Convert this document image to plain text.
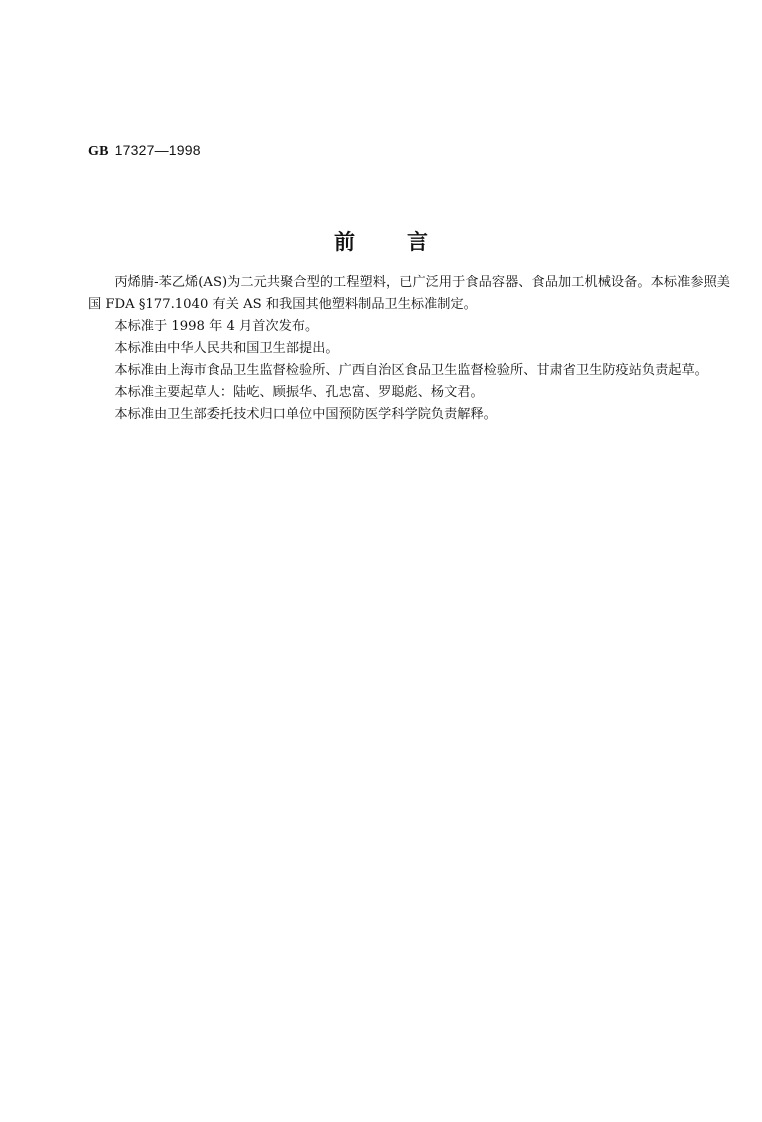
GB 17327—1998
前言

丙烯腈-苯乙烯(AS)为二元共聚合型的工程塑料，已广泛用于食品容器、食品加工机械设备。本标准参照美国 FDA §177.1040 有关 AS 和我国其他塑料制品卫生标准制定。

本标准于 1998 年 4 月首次发布。

本标准由中华人民共和国卫生部提出。

本标准由上海市食品卫生监督检验所、广西自治区食品卫生监督检验所、甘肃省卫生防疫站负责起草。

本标准主要起草人：陆屹、顾振华、孔忠富、罗聪彪、杨文君。

本标准由卫生部委托技术归口单位中国预防医学科学院负责解释。
